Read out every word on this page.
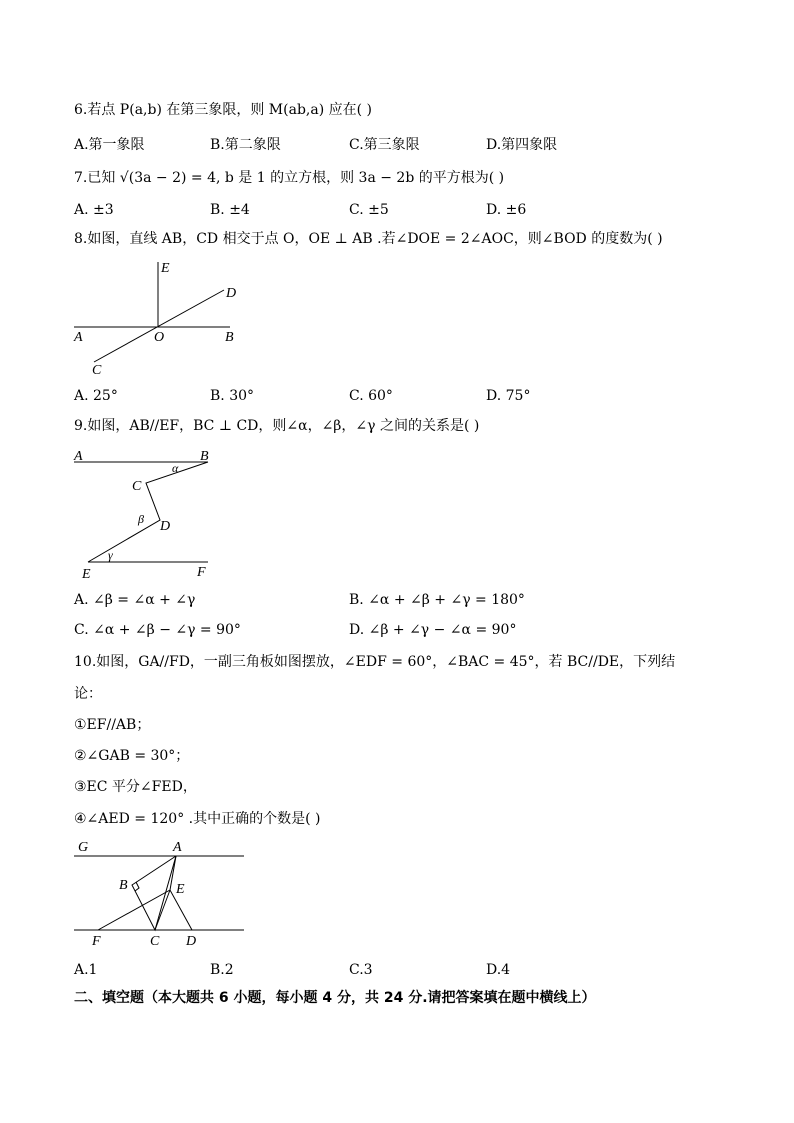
6.若点 P(a,b) 在第三象限，则 M(ab,a) 应在( )
A.第一象限	B.第二象限	C.第三象限	D.第四象限
7.已知 √(3a − 2) = 4, b 是 1 的立方根，则 3a − 2b 的平方根为( )
A. ±3	B. ±4	C. ±5	D. ±6
8.如图，直线 AB，CD 相交于点 O，OE ⊥ AB .若∠DOE = 2∠AOC，则∠BOD 的度数为( )
E
D
A	O	B
C
A. 25°	B. 30°	C. 60°	D. 75°
9.如图，AB//EF，BC ⊥ CD，则∠α，∠β，∠γ 之间的关系是( )
A	B
α
C
β D
γ
E	F
A. ∠β = ∠α + ∠γ	B. ∠α + ∠β + ∠γ = 180°
C. ∠α + ∠β − ∠γ = 90°	D. ∠β + ∠γ − ∠α = 90°
10.如图，GA//FD，一副三角板如图摆放，∠EDF = 60°，∠BAC = 45°，若 BC//DE，下列结
论：
①EF//AB；
②∠GAB = 30°；
③EC 平分∠FED，
④∠AED = 120° .其中正确的个数是( )
G	A
B	E
F	C D
A.1	B.2	C.3	D.4
二、填空题（本大题共 6 小题，每小题 4 分，共 24 分.请把答案填在题中横线上）
